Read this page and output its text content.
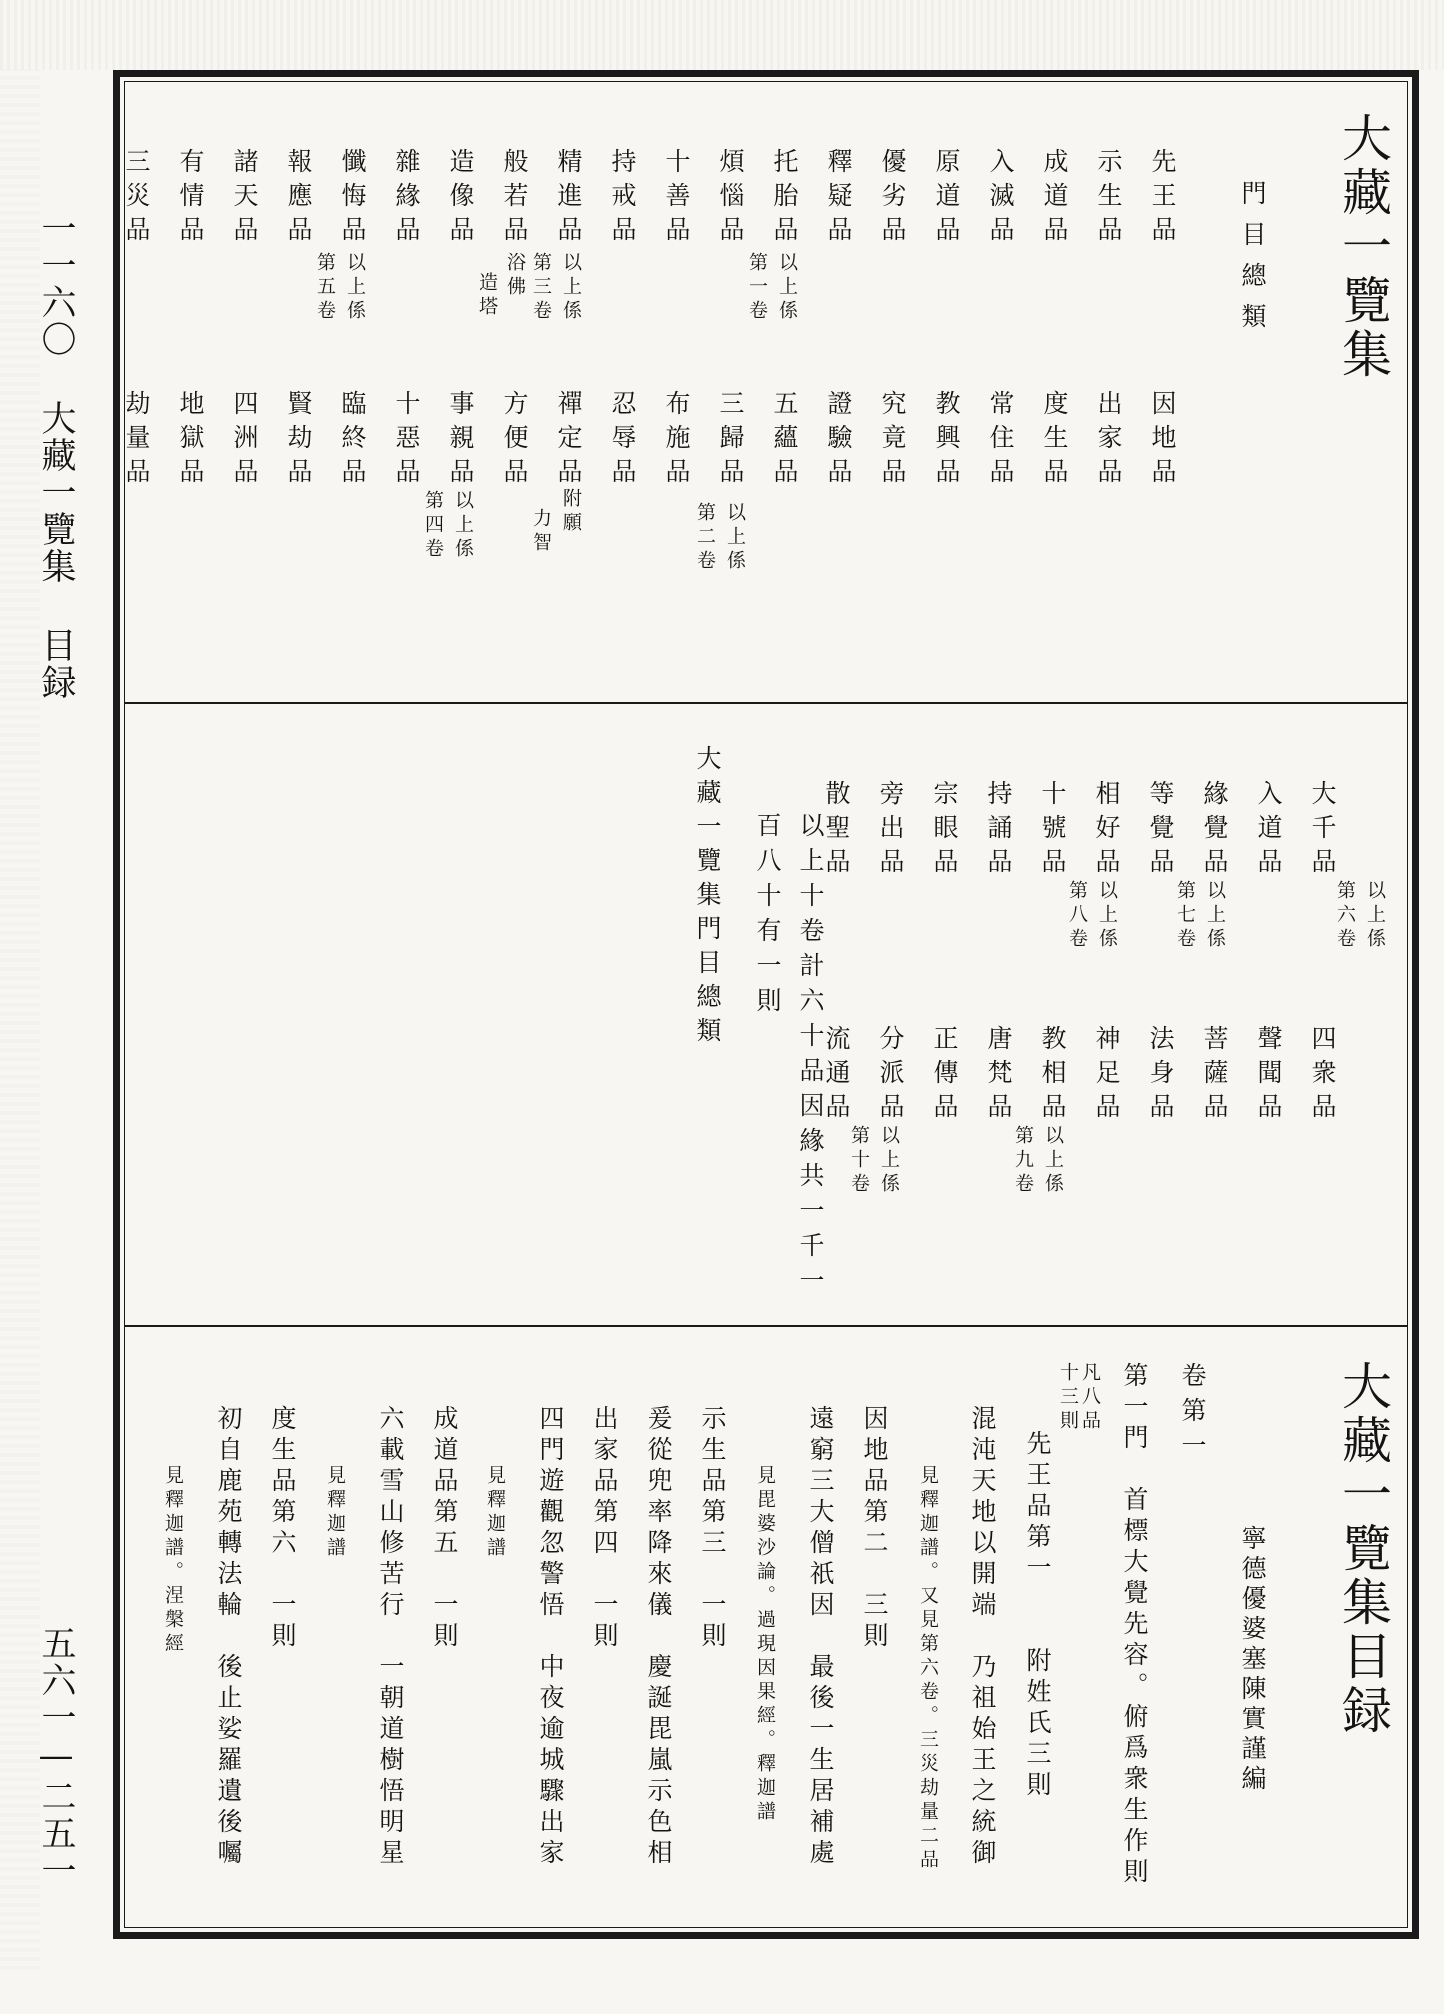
一一六〇 大藏一覽集 目録
五六一—二五一
大藏一覽集
門目總類
先王品
示生品
成道品
入滅品
原道品
優劣品
釋疑品
托胎品
煩惱品
十善品
持戒品
精進品
般若品
造像品
雜緣品
懺悔品
報應品
諸天品
有情品
三災品
因地品
出家品
度生品
常住品
教興品
究竟品
證驗品
五蘊品
三歸品
布施品
忍辱品
禪定品
方便品
事親品
十惡品
臨終品
賢劫品
四洲品
地獄品
劫量品
以上係
第一卷
以上係
第二卷
以上係
第三卷
附願
力智
浴佛
造塔
以上係
第四卷
以上係
第五卷
大千品
入道品
緣覺品
等覺品
相好品
十號品
持誦品
宗眼品
旁出品
散聖品
四衆品
聲聞品
菩薩品
法身品
神足品
教相品
唐梵品
正傳品
分派品
流通品
以上係
第六卷
以上係
第七卷
以上係
第八卷
以上係
第九卷
以上係
第十卷
以上十卷計六十品因緣共一千一
百八十有一則
大藏一覽集門目總類
大藏一覽集目録
寧德優婆塞陳實謹編
卷第一
第一門　首標大覺先容。俯爲衆生作則
凡八品
十三則
先王品第一　　附姓氏三則
混沌天地以開端　乃祖始王之統御
見釋迦譜。又見第六卷。三災劫量二品
因地品第二　三則
遠窮三大僧祇因　最後一生居補處
見毘婆沙論。過現因果經。釋迦譜
示生品第三　一則
爰從兜率降來儀　慶誕毘嵐示色相
出家品第四　一則
四門遊觀忽警悟　中夜逾城驟出家
見釋迦譜
成道品第五　一則
六載雪山修苦行　一朝道樹悟明星
見釋迦譜
度生品第六　一則
初自鹿苑轉法輪　後止娑羅遺後囑
見釋迦譜。涅槃經
